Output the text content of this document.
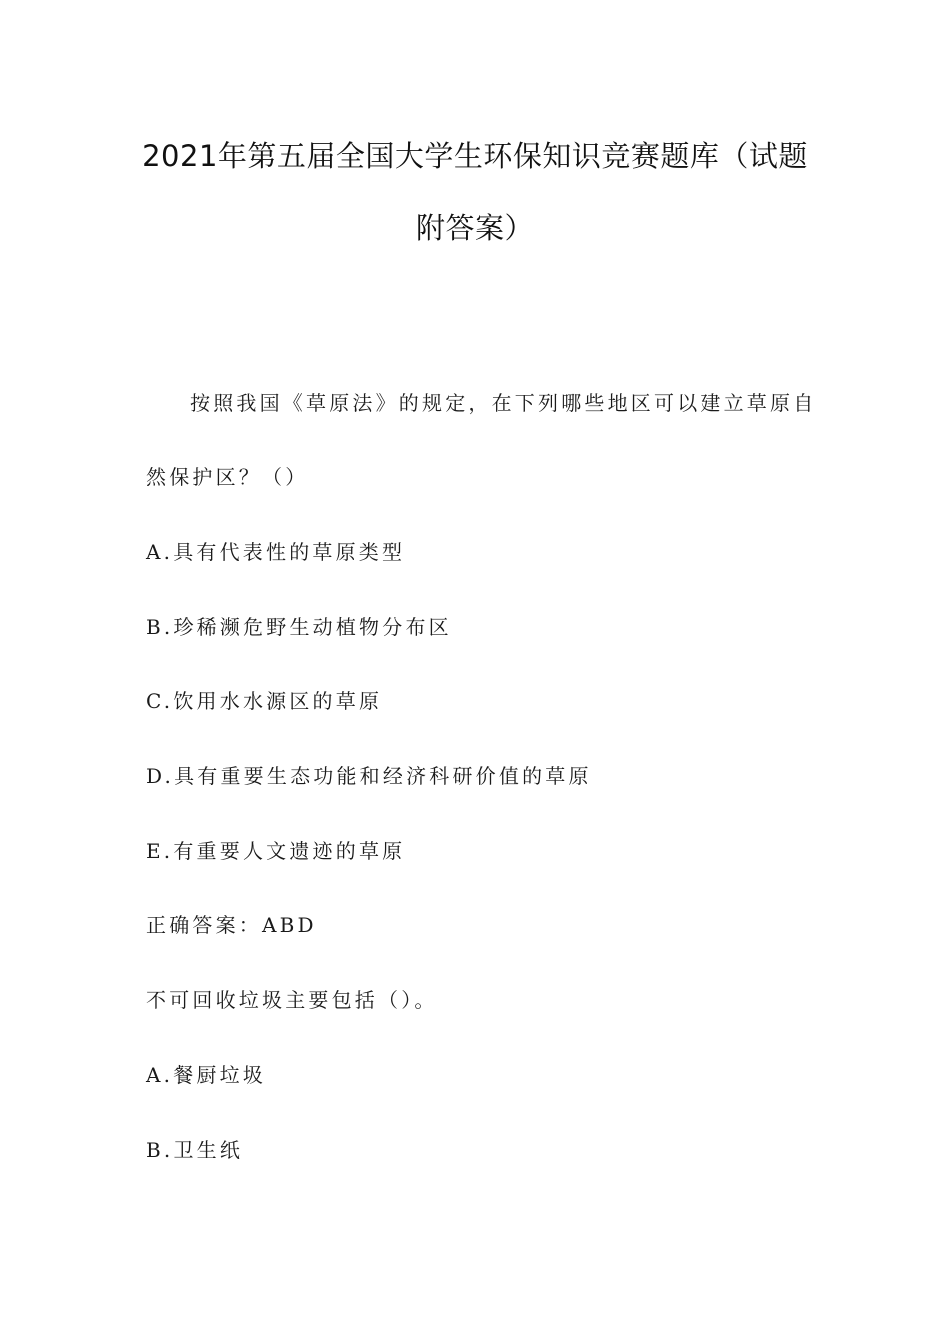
2021年第五届全国大学生环保知识竞赛题库（试题
附答案）
按照我国《草原法》的规定，在下列哪些地区可以建立草原自
然保护区？（）
A.具有代表性的草原类型
B.珍稀濒危野生动植物分布区
C.饮用水水源区的草原
D.具有重要生态功能和经济科研价值的草原
E.有重要人文遗迹的草原
正确答案：ABD
不可回收垃圾主要包括（）。
A.餐厨垃圾
B.卫生纸
